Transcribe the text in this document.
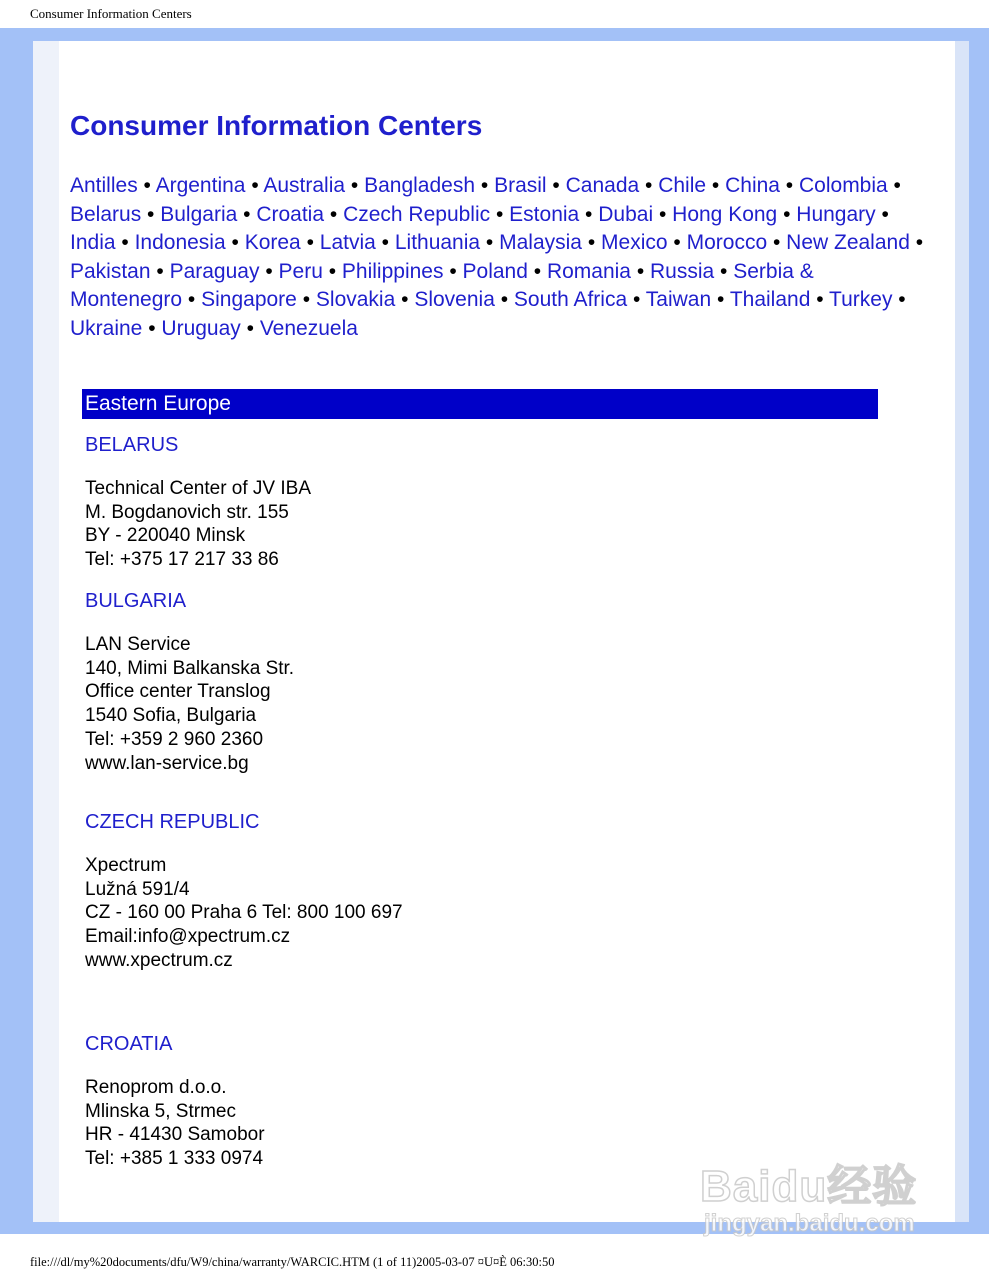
Consumer Information Centers
Consumer Information Centers
Antilles • Argentina • Australia • Bangladesh • Brasil • Canada • Chile • China • Colombia • Belarus • Bulgaria • Croatia • Czech Republic • Estonia • Dubai • Hong Kong • Hungary • India • Indonesia • Korea • Latvia • Lithuania • Malaysia • Mexico • Morocco • New Zealand • Pakistan • Paraguay • Peru • Philippines • Poland • Romania • Russia • Serbia & Montenegro • Singapore • Slovakia • Slovenia • South Africa • Taiwan • Thailand • Turkey • Ukraine • Uruguay • Venezuela
Eastern Europe
BELARUS
Technical Center of JV IBA
M. Bogdanovich str. 155
BY - 220040 Minsk
Tel: +375 17 217 33 86
BULGARIA
LAN Service
140, Mimi Balkanska Str.
Office center Translog
1540 Sofia, Bulgaria
Tel: +359 2 960 2360
www.lan-service.bg
CZECH REPUBLIC
Xpectrum
Lužná 591/4
CZ - 160 00 Praha 6 Tel: 800 100 697
Email:info@xpectrum.cz
www.xpectrum.cz
CROATIA
Renoprom d.o.o.
Mlinska 5, Strmec
HR - 41430 Samobor
Tel: +385 1 333 0974
Baidu经验
jingyan.baidu.com
file:///dl/my%20documents/dfu/W9/china/warranty/WARCIC.HTM (1 of 11)2005-03-07 ¤U¤È 06:30:50
